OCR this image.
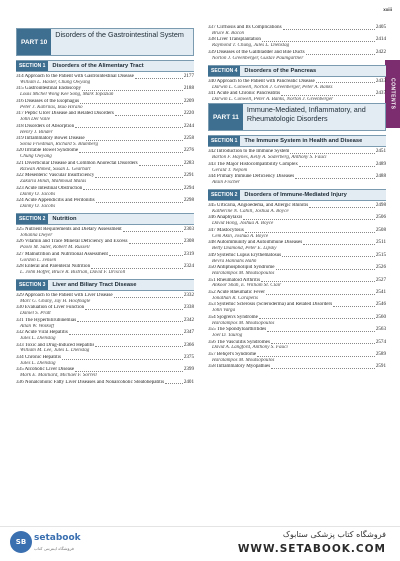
xxiii
CONTENTS
PART 10
Disorders of the Gastrointestinal System
SECTION 1	Disorders of the Alimentary Tract
314 Approach to the Patient with Gastrointestinal Disease	2177
William L. Hasler, Chung Owyang
315 Gastrointestinal Endoscopy	2188
Louis Michel Wong Kee Song, Mark Topazian
316 Diseases of the Esophagus	2209
Peter J. Kahrilas, Ikuo Hirano
317 Peptic Ulcer Disease and Related Disorders	2220
John Del Valle
318 Disorders of Absorption	2244
Henry J. Binder
319 Inflammatory Bowel Disease	2258
Sonia Friedman, Richard S. Blumberg
320 Irritable Bowel Syndrome	2276
Chung Owyang
321 Diverticular Disease and Common Anorectal Disorders	2283
Rizwan Ahmed, Susan L. Gearhart
322 Mesenteric Vascular Insufficiency	2291
Zakaria Hindi, Mahmoud Malas
323 Acute Intestinal Obstruction	2294
Danny O. Jacobs
324 Acute Appendicitis and Peritonitis	2298
Danny O. Jacobs
SECTION 2	Nutrition
325 Nutrient Requirements and Dietary Assessment	2303
Johanna Dwyer
326 Vitamin and Trace Mineral Deficiency and Excess	2308
Paolo M. Suter, Robert M. Russell
327 Malnutrition and Nutritional Assessment	2319
Gordon L. Jensen
328 Enteral and Parenteral Nutrition	2324
L. John Hoffer, Bruce R. Bistrian, David F. Driscoll
SECTION 3	Liver and Biliary Tract Disease
329 Approach to the Patient with Liver Disease	2332
Marc G. Ghany, Jay H. Hoofnagle
330 Evaluation of Liver Function	2338
Daniel S. Pratt
331 The Hyperbilirubinemias	2342
Allan W. Wolkoff
332 Acute Viral Hepatitis	2347
Jules L. Dienstag
333 Toxic and Drug-Induced Hepatitis	2366
William M. Lee, Jules L. Dienstag
334 Chronic Hepatitis	2375
Jules L. Dienstag
335 Alcoholic Liver Disease	2399
Mark E. Mailliard, Michael F. Sorrell
336 Nonalcoholic Fatty Liver Diseases and Nonalcoholic Steatohepatitis	2401
337 Cirrhosis and Its Complications	2405
Bruce R. Bacon
338 Liver Transplantation	2414
Raymond T. Chung, Jules L. Dienstag
339 Diseases of the Gallbladder and Bile Ducts	2422
Norton J. Greenberger, Gustav Paumgartner
SECTION 4	Disorders of the Pancreas
340 Approach to the Patient with Pancreatic Disease	2433
Darwin L. Conwell, Norton J. Greenberger, Peter A. Banks
341 Acute and Chronic Pancreatitis	2437
Darwin L. Conwell, Peter A. Banks, Norton J. Greenberger
PART 11
Immune-Mediated, Inflammatory, and Rheumatologic Disorders
SECTION 1	The Immune System in Health and Disease
342 Introduction to the Immune System	2451
Barton F. Haynes, Kelly A. Soderberg, Anthony S. Fauci
343 The Major Histocompatibility Complex	2489
Gerald T. Nepom
344 Primary Immune Deficiency Diseases	2488
Alain Fischer
SECTION 2	Disorders of Immune-Mediated Injury
345 Urticaria, Angioedema, and Allergic Rhinitis	2498
Katherine N. Cahill, Joshua A. Boyce
346 Anaphylaxis	2506
David Hong, Joshua A. Boyce
347 Mastocytosis	2508
Cem Akin, Joshua A. Boyce
348 Autoimmunity and Autoimmune Diseases	2511
Betty Diamond, Peter E. Lipsky
349 Systemic Lupus Erythematosus	2515
Bevra Hannahs Hahn
350 Antiphospholipid Syndrome	2526
Haralampos M. Moutsopoulos
351 Rheumatoid Arthritis	2527
Ankoor Shah, E. William St. Clair
352 Acute Rheumatic Fever	2541
Jonathan R. Carapetis
353 Systemic Sclerosis (Scleroderma) and Related Disorders	2546
John Varga
354 Sjögren's Syndrome	2560
Haralampos M. Moutsopoulos
355 The Spondyloarthritides	2563
Joel D. Taurog
356 The Vasculitis Syndromes	2574
David A. Langford, Anthony S. Fauci
357 Behçet's Syndrome	2589
Haralampos M. Moutsopoulos
358 Inflammatory Myopathies	2591
SB setabook
فروشگاه اینترنتی کتاب
فروشگاه کتاب پزشکی ستابوک
WWW.SETABOOK.COM
